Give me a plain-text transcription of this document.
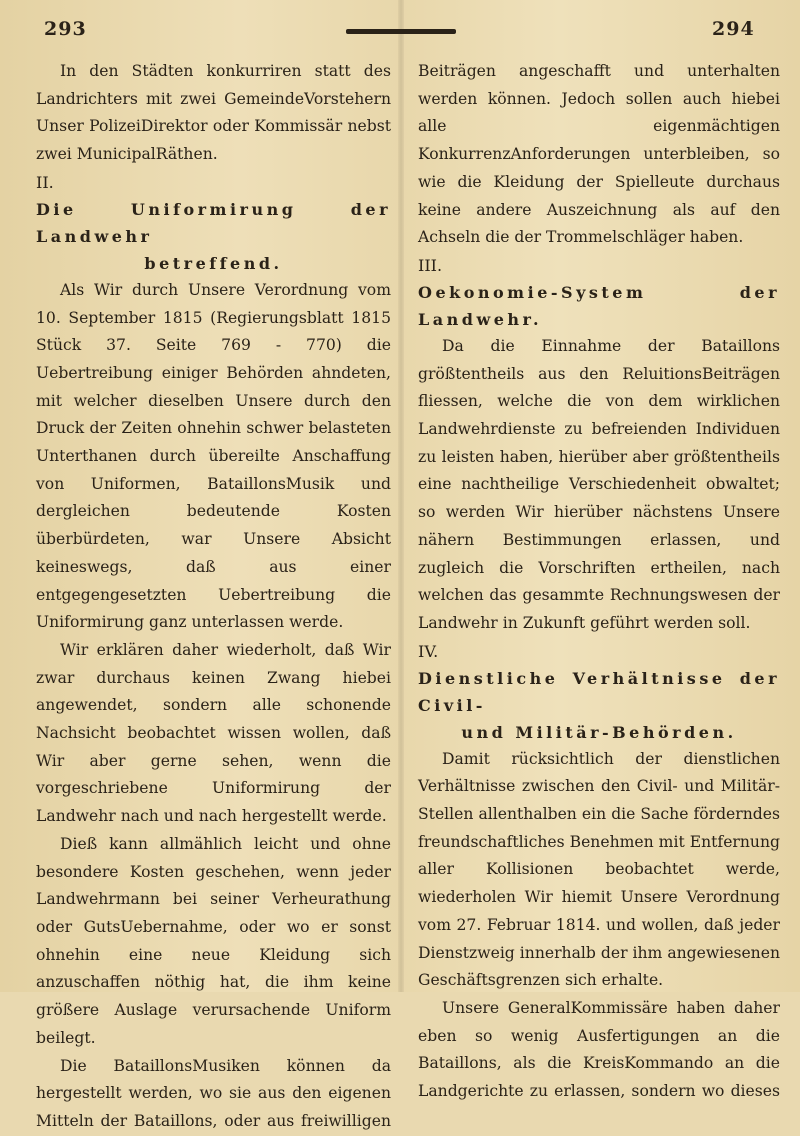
293	294

In den Städten konkurriren statt des Landrichters mit zwei GemeindeVorstehern Unser PolizeiDirektor oder Kommissär nebst zwei MunicipalRäthen.

II.

Die Uniformirung der Landwehr

betreffend.

Als Wir durch Unsere Verordnung vom 10. September 1815 (Regierungsblatt 1815 Stück 37. Seite 769 - 770) die Uebertreibung einiger Behörden ahndeten, mit welcher dieselben Unsere durch den Druck der Zeiten ohnehin schwer belasteten Unterthanen durch übereilte Anschaffung von Uniformen, BataillonsMusik und dergleichen bedeutende Kosten überbürdeten, war Unsere Absicht keineswegs, daß aus einer entgegengesetzten Uebertreibung die Uniformirung ganz unterlassen werde.

Wir erklären daher wiederholt, daß Wir zwar durchaus keinen Zwang hiebei angewendet, sondern alle schonende Nachsicht beobachtet wissen wollen, daß Wir aber gerne sehen, wenn die vorgeschriebene Uniformirung der Landwehr nach und nach hergestellt werde.

Dieß kann allmählich leicht und ohne besondere Kosten geschehen, wenn jeder Landwehrmann bei seiner Verheurathung oder GutsUebernahme, oder wo er sonst ohnehin eine neue Kleidung sich anzuschaffen nöthig hat, die ihm keine größere Auslage verursachende Uniform beilegt.

Die BataillonsMusiken können da hergestellt werden, wo sie aus den eigenen Mitteln der Bataillons, oder aus freiwilligen

Beiträgen angeschafft und unterhalten werden können. Jedoch sollen auch hiebei alle eigenmächtigen KonkurrenzAnforderungen unterbleiben, so wie die Kleidung der Spielleute durchaus keine andere Auszeichnung als auf den Achseln die der Trommelschläger haben.

III.

Oekonomie-System der Landwehr.

Da die Einnahme der Bataillons größtentheils aus den ReluitionsBeiträgen fliessen, welche die von dem wirklichen Landwehrdienste zu befreienden Individuen zu leisten haben, hierüber aber größtentheils eine nachtheilige Verschiedenheit obwaltet; so werden Wir hierüber nächstens Unsere nähern Bestimmungen erlassen, und zugleich die Vorschriften ertheilen, nach welchen das gesammte Rechnungswesen der Landwehr in Zukunft geführt werden soll.

IV.

Dienstliche Verhältnisse der Civil-

und Militär-Behörden.

Damit rücksichtlich der dienstlichen Verhältnisse zwischen den Civil- und Militär-Stellen allenthalben ein die Sache förderndes freundschaftliches Benehmen mit Entfernung aller Kollisionen beobachtet werde, wiederholen Wir hiemit Unsere Verordnung vom 27. Februar 1814. und wollen, daß jeder Dienstzweig innerhalb der ihm angewiesenen Geschäftsgrenzen sich erhalte.

Unsere GeneralKommissäre haben daher eben so wenig Ausfertigungen an die Bataillons, als die KreisKommando an die Landgerichte zu erlassen, sondern wo dieses
